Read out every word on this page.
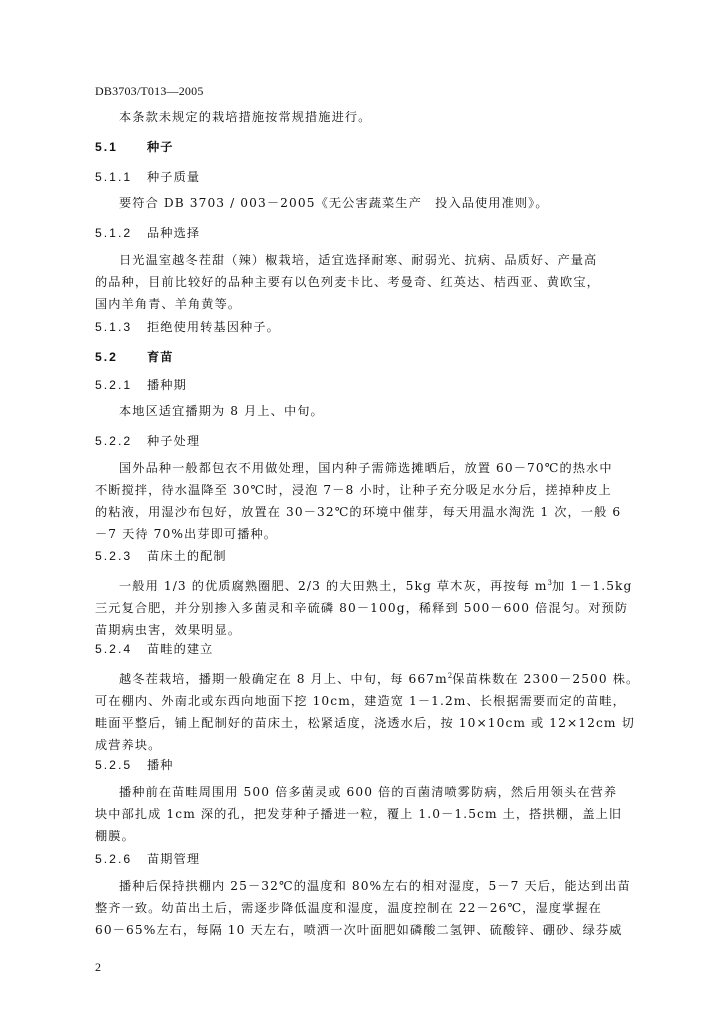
DB3703/T013—2005
本条款未规定的栽培措施按常规措施进行。
5.1 种子
5.1.1 种子质量
要符合 DB 3703 / 003－2005《无公害蔬菜生产　投入品使用准则》。
5.1.2 品种选择
日光温室越冬茬甜（辣）椒栽培，适宜选择耐寒、耐弱光、抗病、品质好、产量高
的品种，目前比较好的品种主要有以色列麦卡比、考曼奇、红英达、桔西亚、黄欧宝，
国内羊角青、羊角黄等。
5.1.3 拒绝使用转基因种子。
5.2 育苗
5.2.1 播种期
本地区适宜播期为 8 月上、中旬。
5.2.2 种子处理
国外品种一般都包衣不用做处理，国内种子需筛选摊晒后，放置 60－70℃的热水中
不断搅拌，待水温降至 30℃时，浸泡 7－8 小时，让种子充分吸足水分后，搓掉种皮上
的粘液，用湿沙布包好，放置在 30－32℃的环境中催芽，每天用温水淘洗 1 次，一般 6
－7 天待 70%出芽即可播种。
5.2.3 苗床土的配制
一般用 1/3 的优质腐熟圈肥、2/3 的大田熟土，5kg 草木灰，再按每 $m^3$加 1－1.5kg
三元复合肥，并分别掺入多菌灵和辛硫磷 80－100g，稀释到 500－600 倍混匀。对预防
苗期病虫害，效果明显。
5.2.4 苗畦的建立
越冬茬栽培，播期一般确定在 8 月上、中旬，每 $667m^2$保苗株数在 2300－2500 株。
可在棚内、外南北或东西向地面下挖 10cm，建造宽 1－1.2m、长根据需要而定的苗畦，
畦面平整后，铺上配制好的苗床土，松紧适度，浇透水后，按 10×10cm 或 12×12cm 切
成营养块。
5.2.5 播种
播种前在苗畦周围用 500 倍多菌灵或 600 倍的百菌清喷雾防病，然后用领头在营养
块中部扎成 1cm 深的孔，把发芽种子播进一粒，覆上 1.0－1.5cm 土，搭拱棚，盖上旧
棚膜。
5.2.6 苗期管理
播种后保持拱棚内 25－32℃的温度和 80%左右的相对湿度，5－7 天后，能达到出苗
整齐一致。幼苗出土后，需逐步降低温度和湿度，温度控制在 22－26℃，湿度掌握在
60－65%左右，每隔 10 天左右，喷洒一次叶面肥如磷酸二氢钾、硫酸锌、硼砂、绿芬威
2
